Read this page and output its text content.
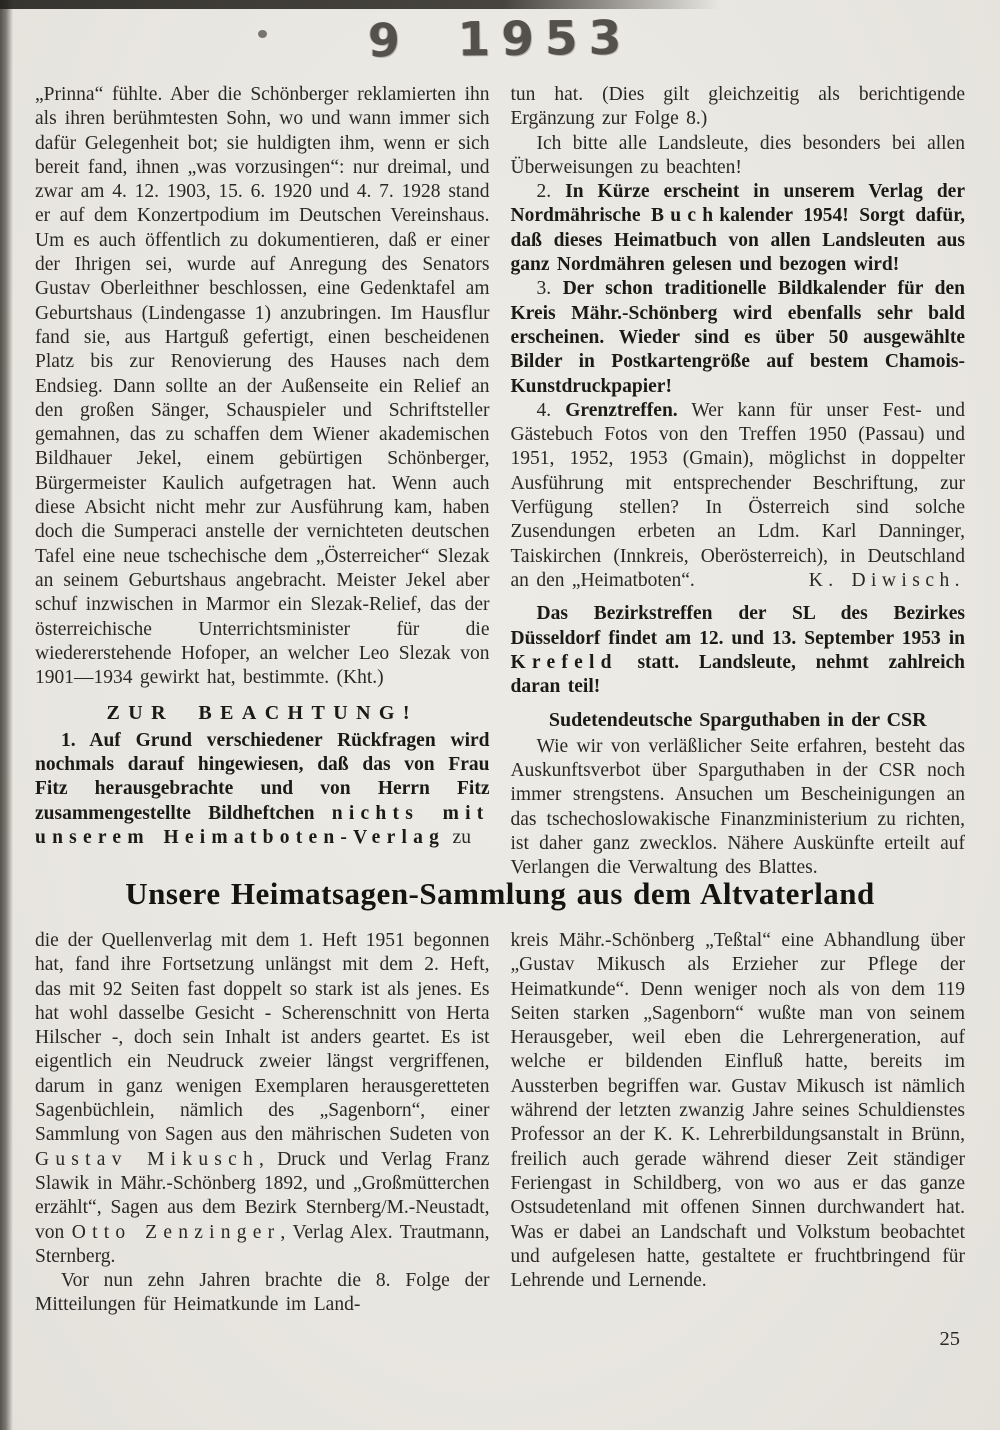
9 1953
„Prinna“ fühlte. Aber die Schönberger reklamierten ihn als ihren berühmtesten Sohn, wo und wann immer sich dafür Gelegenheit bot; sie huldigten ihm, wenn er sich bereit fand, ihnen „was vorzusingen“: nur dreimal, und zwar am 4. 12. 1903, 15. 6. 1920 und 4. 7. 1928 stand er auf dem Konzertpodium im Deutschen Vereinshaus. Um es auch öffentlich zu dokumentieren, daß er einer der Ihrigen sei, wurde auf Anregung des Senators Gustav Oberleithner beschlossen, eine Gedenktafel am Geburtshaus (Lindengasse 1) anzubringen. Im Hausflur fand sie, aus Hartguß gefertigt, einen bescheidenen Platz bis zur Renovierung des Hauses nach dem Endsieg. Dann sollte an der Außenseite ein Relief an den großen Sänger, Schauspieler und Schriftsteller gemahnen, das zu schaffen dem Wiener akademischen Bildhauer Jekel, einem gebürtigen Schönberger, Bürgermeister Kaulich aufgetragen hat. Wenn auch diese Absicht nicht mehr zur Ausführung kam, haben doch die Sumperaci anstelle der vernichteten deutschen Tafel eine neue tschechische dem „Österreicher“ Slezak an seinem Geburtshaus angebracht. Meister Jekel aber schuf inzwischen in Marmor ein Slezak-Relief, das der österreichische Unterrichtsminister für die wiedererstehende Hofoper, an welcher Leo Slezak von 1901—1934 gewirkt hat, bestimmte. (Kht.)
ZUR BEACHTUNG!
1. Auf Grund verschiedener Rückfragen wird nochmals darauf hingewiesen, daß das von Frau Fitz herausgebrachte und von Herrn Fitz zusammengestellte Bildheftchen nichts mit unserem Heimatboten-Verlag zu
tun hat. (Dies gilt gleichzeitig als berichtigende Ergänzung zur Folge 8.)
Ich bitte alle Landsleute, dies besonders bei allen Überweisungen zu beachten!
2. In Kürze erscheint in unserem Verlag der Nordmährische Buchkalender 1954! Sorgt dafür, daß dieses Heimatbuch von allen Landsleuten aus ganz Nordmähren gelesen und bezogen wird!
3. Der schon traditionelle Bildkalender für den Kreis Mähr.-Schönberg wird ebenfalls sehr bald erscheinen. Wieder sind es über 50 ausgewählte Bilder in Postkartengröße auf bestem Chamois-Kunstdruckpapier!
4. Grenztreffen. Wer kann für unser Fest- und Gästebuch Fotos von den Treffen 1950 (Passau) und 1951, 1952, 1953 (Gmain), möglichst in doppelter Ausführung mit entsprechender Beschriftung, zur Verfügung stellen? In Österreich sind solche Zusendungen erbeten an Ldm. Karl Danninger, Taiskirchen (Innkreis, Oberösterreich), in Deutschland an den „Heimatboten“.	K. Diwisch.
Das Bezirkstreffen der SL des Bezirkes Düsseldorf findet am 12. und 13. September 1953 in Krefeld statt. Landsleute, nehmt zahlreich daran teil!
Sudetendeutsche Sparguthaben in der CSR
Wie wir von verläßlicher Seite erfahren, besteht das Auskunftsverbot über Sparguthaben in der CSR noch immer strengstens. Ansuchen um Bescheinigungen an das tschechoslowakische Finanzministerium zu richten, ist daher ganz zwecklos. Nähere Auskünfte erteilt auf Verlangen die Verwaltung des Blattes.
Unsere Heimatsagen-Sammlung aus dem Altvaterland
die der Quellenverlag mit dem 1. Heft 1951 begonnen hat, fand ihre Fortsetzung unlängst mit dem 2. Heft, das mit 92 Seiten fast doppelt so stark ist als jenes. Es hat wohl dasselbe Gesicht - Scherenschnitt von Herta Hilscher -, doch sein Inhalt ist anders geartet. Es ist eigentlich ein Neudruck zweier längst vergriffenen, darum in ganz wenigen Exemplaren herausgeretteten Sagenbüchlein, nämlich des „Sagenborn“, einer Sammlung von Sagen aus den mährischen Sudeten von Gustav Mikusch, Druck und Verlag Franz Slawik in Mähr.-Schönberg 1892, und „Großmütterchen erzählt“, Sagen aus dem Bezirk Sternberg/M.-Neustadt, von Otto Zenzinger, Verlag Alex. Trautmann, Sternberg.
Vor nun zehn Jahren brachte die 8. Folge der Mitteilungen für Heimatkunde im Land-
kreis Mähr.-Schönberg „Teßtal“ eine Abhandlung über „Gustav Mikusch als Erzieher zur Pflege der Heimatkunde“. Denn weniger noch als von dem 119 Seiten starken „Sagenborn“ wußte man von seinem Herausgeber, weil eben die Lehrergeneration, auf welche er bildenden Einfluß hatte, bereits im Aussterben begriffen war. Gustav Mikusch ist nämlich während der letzten zwanzig Jahre seines Schuldienstes Professor an der K. K. Lehrerbildungsanstalt in Brünn, freilich auch gerade während dieser Zeit ständiger Feriengast in Schildberg, von wo aus er das ganze Ostsudetenland mit offenen Sinnen durchwandert hat. Was er dabei an Landschaft und Volkstum beobachtet und aufgelesen hatte, gestaltete er fruchtbringend für Lehrende und Lernende.
25
